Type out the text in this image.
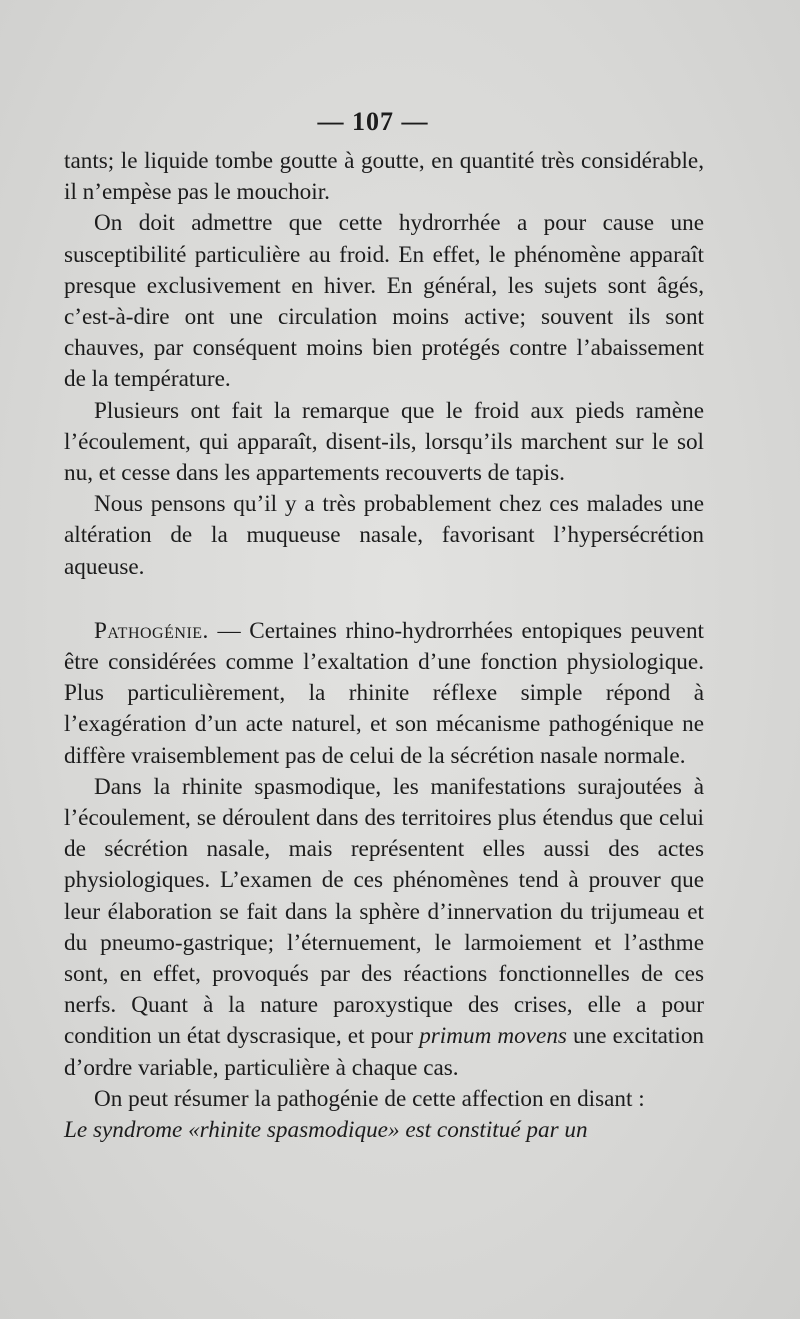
— 107 —

tants; le liquide tombe goutte à goutte, en quantité très considérable, il n’empèse pas le mouchoir.

On doit admettre que cette hydrorrhée a pour cause une susceptibilité particulière au froid. En effet, le phénomène apparaît presque exclusivement en hiver. En général, les sujets sont âgés, c’est-à-dire ont une circulation moins active; souvent ils sont chauves, par conséquent moins bien protégés contre l’abaissement de la température.

Plusieurs ont fait la remarque que le froid aux pieds ramène l’écoulement, qui apparaît, disent-ils, lorsqu’ils marchent sur le sol nu, et cesse dans les appartements recouverts de tapis.

Nous pensons qu’il y a très probablement chez ces malades une altération de la muqueuse nasale, favorisant l’hypersécrétion aqueuse.

Pathogénie. — Certaines rhino-hydrorrhées entopiques peuvent être considérées comme l’exaltation d’une fonction physiologique. Plus particulièrement, la rhinite réflexe simple répond à l’exagération d’un acte naturel, et son mécanisme pathogénique ne diffère vraisemblement pas de celui de la sécrétion nasale normale.

Dans la rhinite spasmodique, les manifestations surajoutées à l’écoulement, se déroulent dans des territoires plus étendus que celui de sécrétion nasale, mais représentent elles aussi des actes physiologiques. L’examen de ces phénomènes tend à prouver que leur élaboration se fait dans la sphère d’innervation du trijumeau et du pneumo-gastrique; l’éternuement, le larmoiement et l’asthme sont, en effet, provoqués par des réactions fonctionnelles de ces nerfs. Quant à la nature paroxystique des crises, elle a pour condition un état dyscrasique, et pour primum movens une excitation d’ordre variable, particulière à chaque cas.

On peut résumer la pathogénie de cette affection en disant :
Le syndrome «rhinite spasmodique» est constitué par un
